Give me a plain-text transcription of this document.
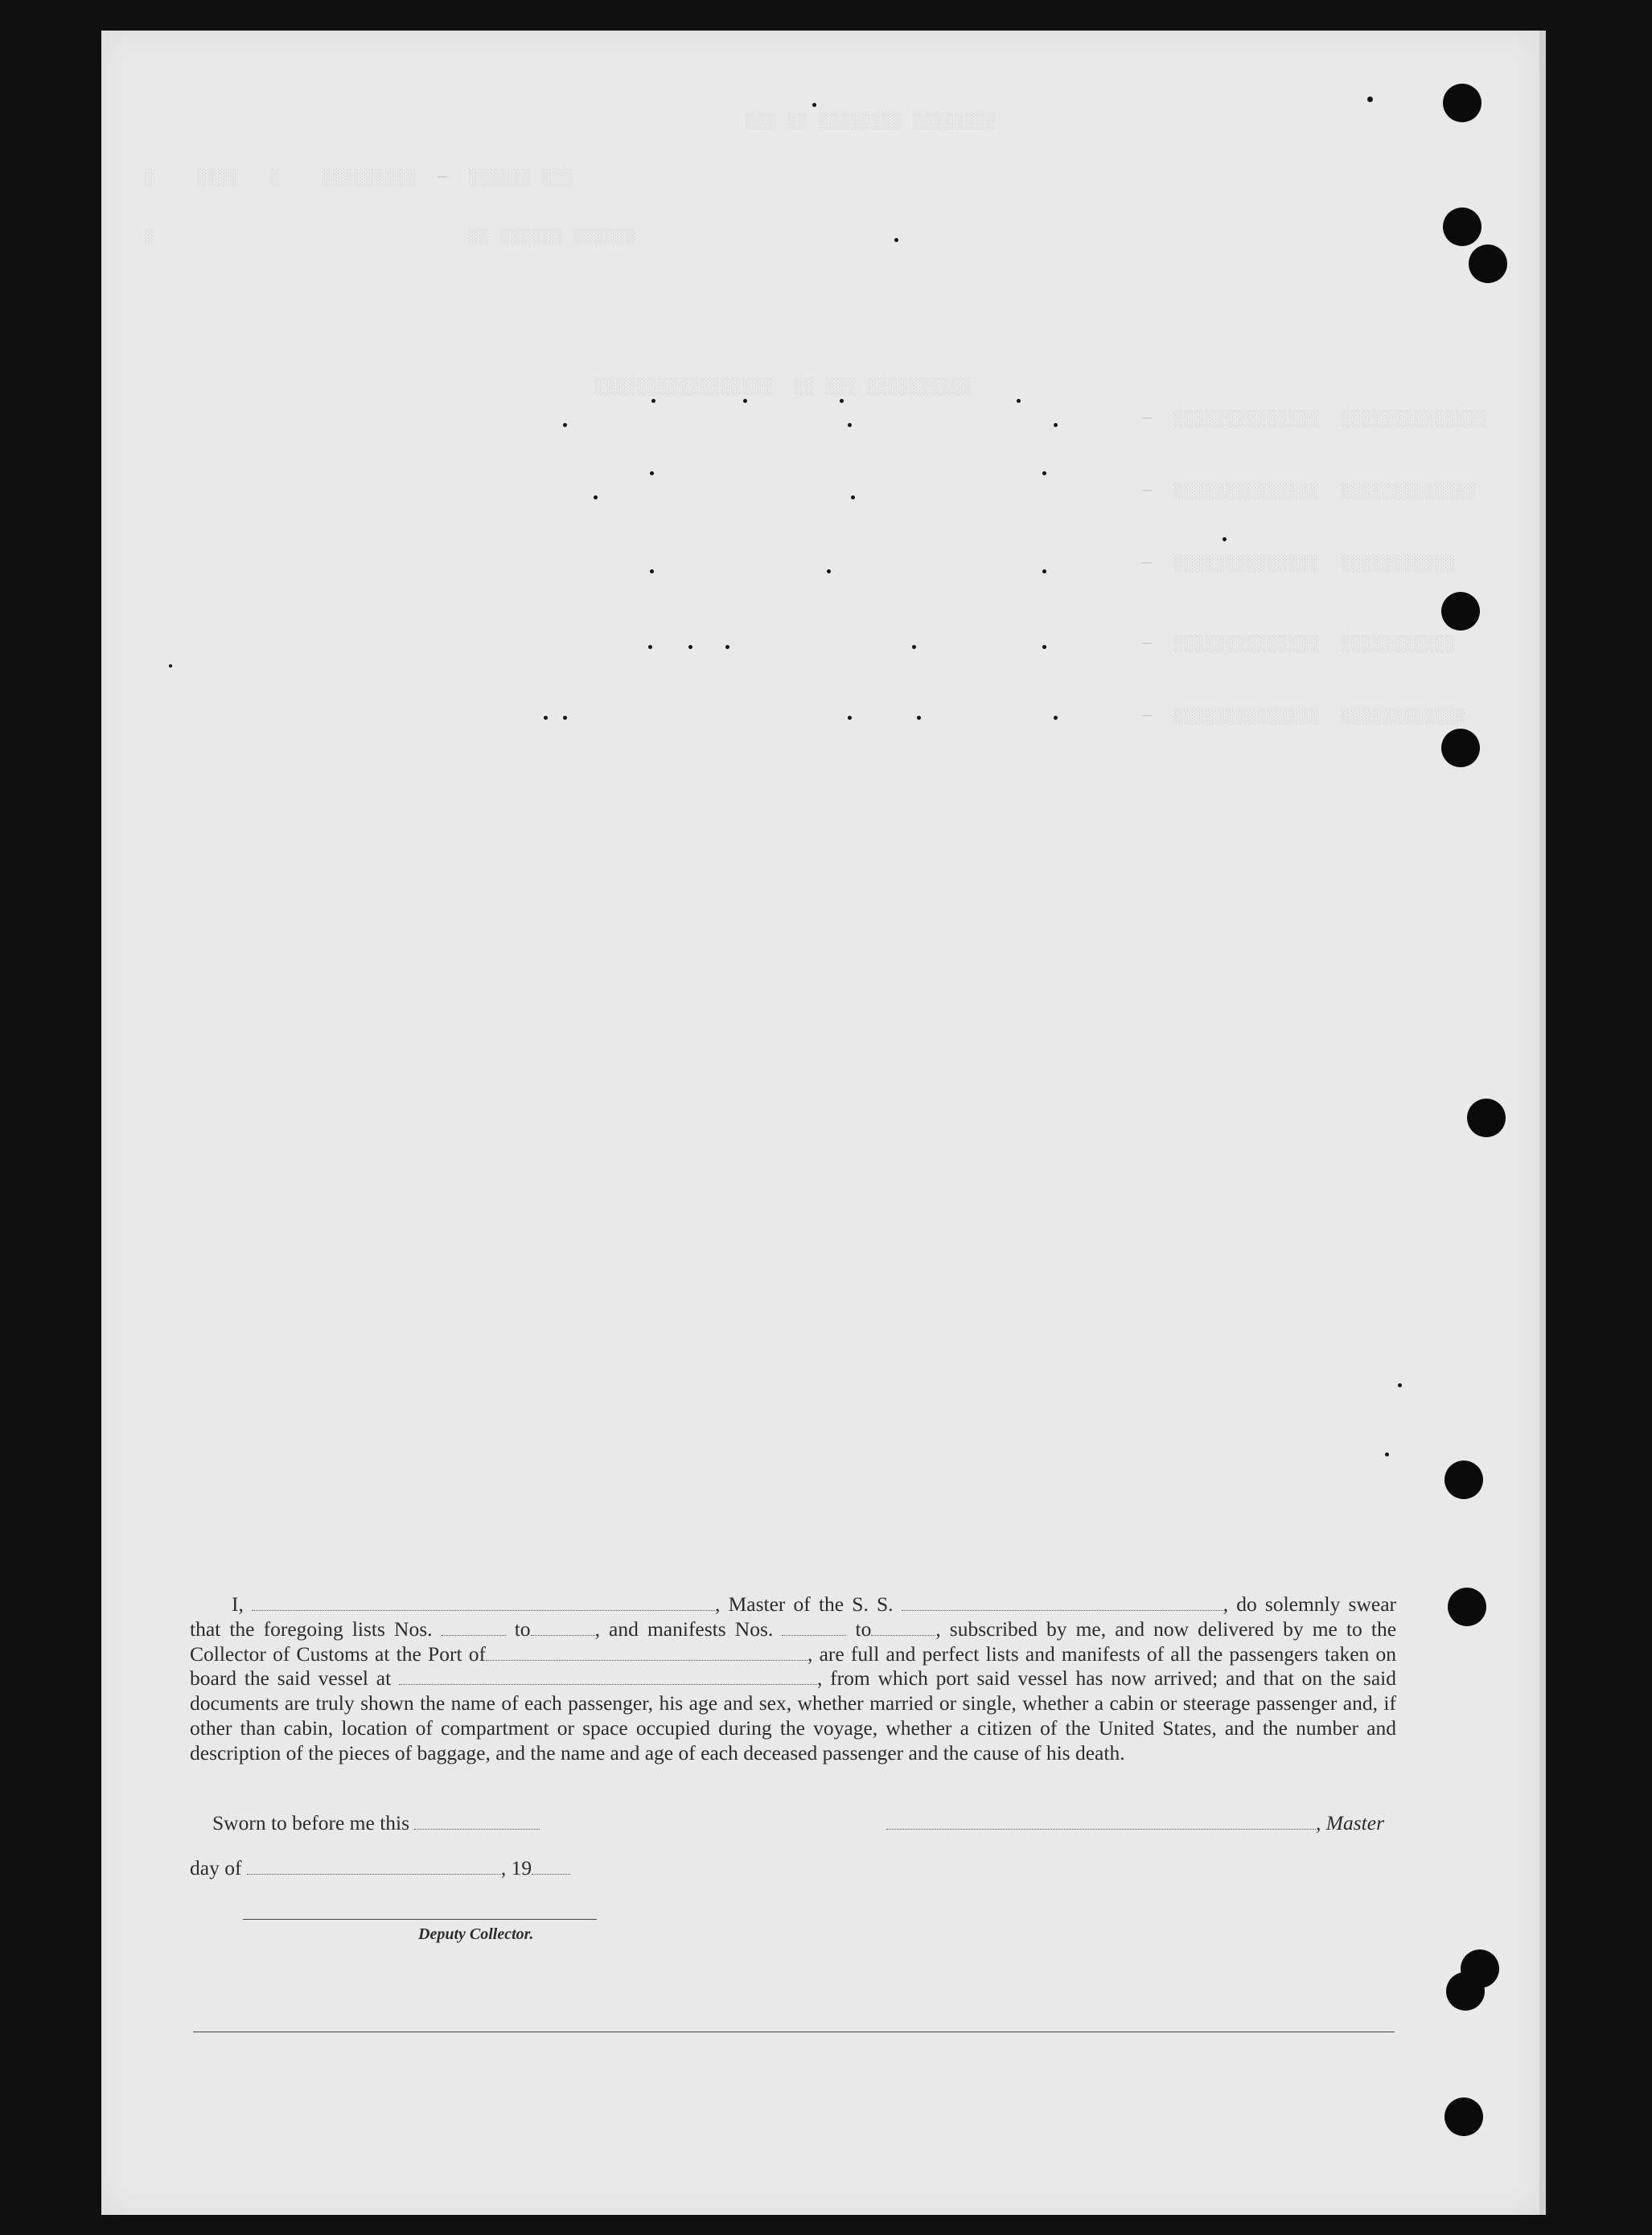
░░░ ░░ ░░░░░░░░ ░░░░░░░░
░    ░░░░   ░    ░░░░░░░░░  ─  ░░░░░░ ░░░
░                              ░░ ░░░░░░ ░░░░░░
░░░░░░░░░░░░░░░░░  ░░ ░░░ ░░░░░░░░░░
─  ░░░░░░░░░░░░░░  ░░░░░░░░░░░░░░
─  ░░░░░░░░░░░░░░  ░░░░░░░░░░░░░
─  ░░░░░░░░░░░░░░  ░░░░░░░░░░░
─  ░░░░░░░░░░░░░░  ░░░░░░░░░░░
─  ░░░░░░░░░░░░░░  ░░░░░░░░░░░░

I,	, Master of the S. S.	, do solemnly swear that the foregoing lists Nos.	to	, and manifests Nos.	to	, subscribed by me, and now delivered by me to the Collector of Customs at the Port of	, are full and perfect lists and manifests of all the passengers taken on board the said vessel at	, from which port said vessel has now arrived; and that on the said documents are truly shown the name of each passenger, his age and sex, whether married or single, whether a cabin or steerage passenger and, if other than cabin, location of compartment or space occupied during the voyage, whether a citizen of the United States, and the number and description of the pieces of baggage, and the name and age of each deceased passenger and the cause of his death.

Sworn to before me this	, Master
day of	, 19
Deputy Collector.
